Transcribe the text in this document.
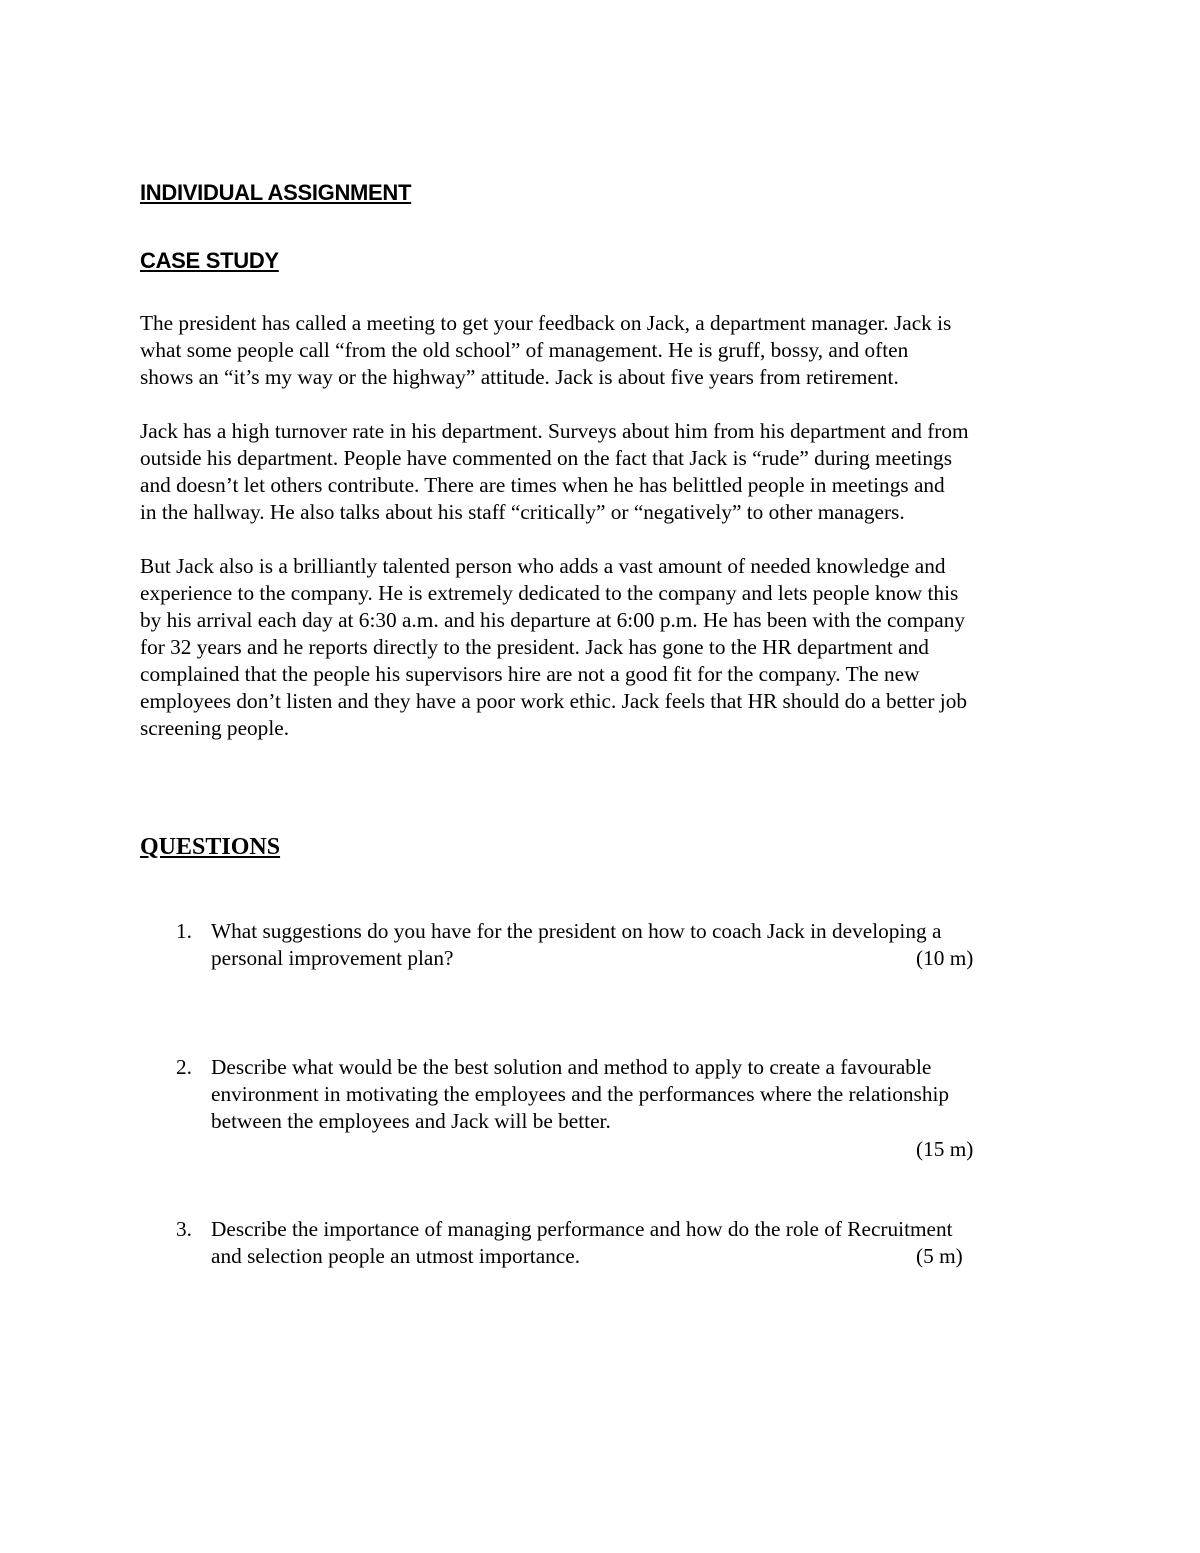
INDIVIDUAL ASSIGNMENT
CASE STUDY

The president has called a meeting to get your feedback on Jack, a department manager. Jack is
what some people call “from the old school” of management. He is gruff, bossy, and often
shows an “it’s my way or the highway” attitude. Jack is about five years from retirement.

Jack has a high turnover rate in his department. Surveys about him from his department and from
outside his department. People have commented on the fact that Jack is “rude” during meetings
and doesn’t let others contribute. There are times when he has belittled people in meetings and
in the hallway. He also talks about his staff “critically” or “negatively” to other managers.

But Jack also is a brilliantly talented person who adds a vast amount of needed knowledge and
experience to the company. He is extremely dedicated to the company and lets people know this
by his arrival each day at 6:30 a.m. and his departure at 6:00 p.m. He has been with the company
for 32 years and he reports directly to the president. Jack has gone to the HR department and
complained that the people his supervisors hire are not a good fit for the company. The new
employees don’t listen and they have a poor work ethic. Jack feels that HR should do a better job
screening people.

QUESTIONS
1. What suggestions do you have for the president on how to coach Jack in developing a
personal improvement plan?	(10 m)
2. Describe what would be the best solution and method to apply to create a favourable
environment in motivating the employees and the performances where the relationship
between the employees and Jack will be better.
(15 m)
3. Describe the importance of managing performance and how do the role of Recruitment
and selection people an utmost importance.	(5 m)
